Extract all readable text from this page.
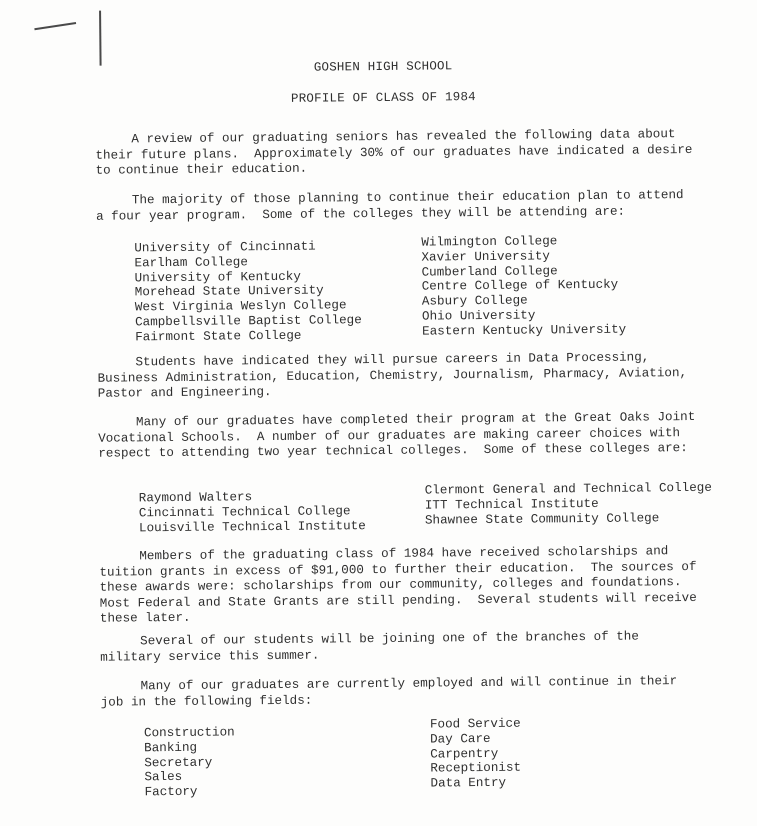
GOSHEN HIGH SCHOOL
PROFILE OF CLASS OF 1984

A review of our graduating seniors has revealed the following data about their future plans.  Approximately 30% of our graduates have indicated a desire to continue their education.

The majority of those planning to continue their education plan to attend a four year program.  Some of the colleges they will be attending are:

University of Cincinnati
Earlham College
University of Kentucky
Morehead State University
West Virginia Weslyn College
Campbellsville Baptist College
Fairmont State College
Wilmington College
Xavier University
Cumberland College
Centre College of Kentucky
Asbury College
Ohio University
Eastern Kentucky University

Students have indicated they will pursue careers in Data Processing, Business Administration, Education, Chemistry, Journalism, Pharmacy, Aviation, Pastor and Engineering.

Many of our graduates have completed their program at the Great Oaks Joint Vocational Schools.  A number of our graduates are making career choices with respect to attending two year technical colleges.  Some of these colleges are:

Raymond Walters
Cincinnati Technical College
Louisville Technical Institute
Clermont General and Technical College
ITT Technical Institute
Shawnee State Community College

Members of the graduating class of 1984 have received scholarships and tuition grants in excess of $91,000 to further their education.  The sources of these awards were: scholarships from our community, colleges and foundations. Most Federal and State Grants are still pending.  Several students will receive these later.

Several of our students will be joining one of the branches of the military service this summer.

Many of our graduates are currently employed and will continue in their job in the following fields:

Construction
Banking
Secretary
Sales
Factory
Food Service
Day Care
Carpentry
Receptionist
Data Entry
